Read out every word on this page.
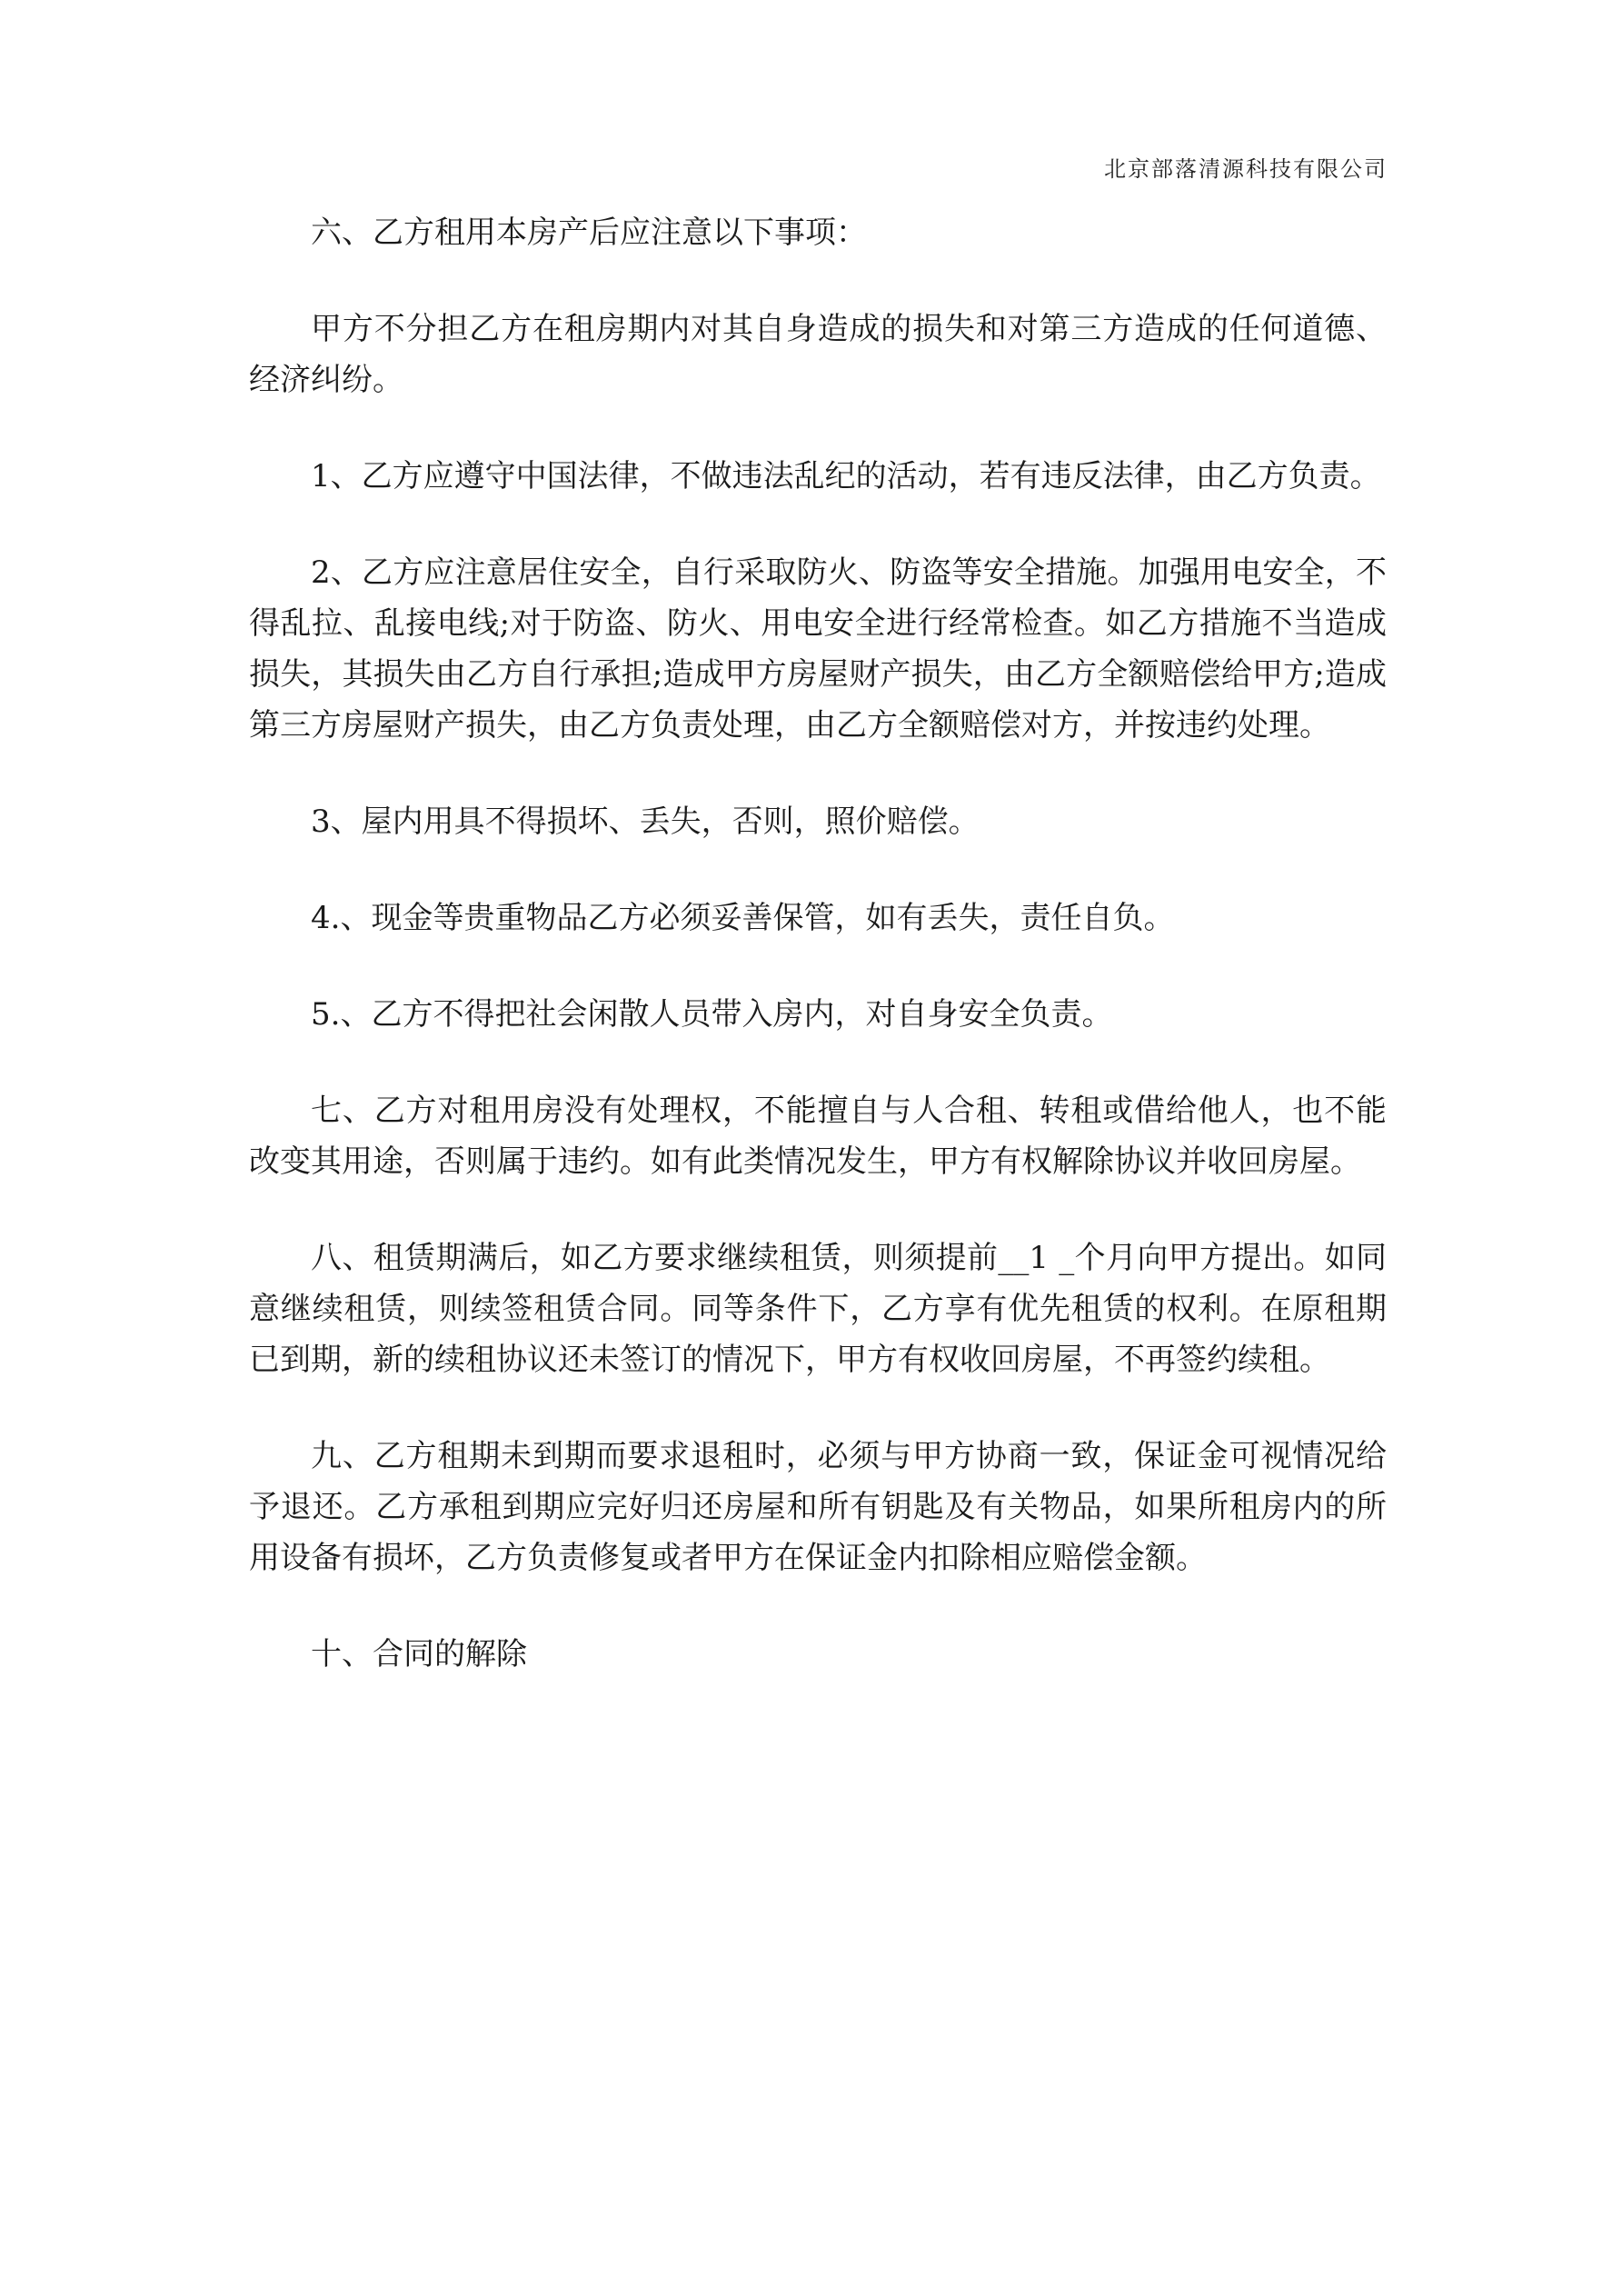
北京部落清源科技有限公司

六、乙方租用本房产后应注意以下事项：

甲方不分担乙方在租房期内对其自身造成的损失和对第三方造成的任何道德、经济纠纷。

1、乙方应遵守中国法律，不做违法乱纪的活动，若有违反法律，由乙方负责。

2、乙方应注意居住安全，自行采取防火、防盗等安全措施。加强用电安全，不得乱拉、乱接电线;对于防盗、防火、用电安全进行经常检查。如乙方措施不当造成损失，其损失由乙方自行承担;造成甲方房屋财产损失，由乙方全额赔偿给甲方;造成第三方房屋财产损失，由乙方负责处理，由乙方全额赔偿对方，并按违约处理。

3、屋内用具不得损坏、丢失，否则，照价赔偿。

4.、现金等贵重物品乙方必须妥善保管，如有丢失，责任自负。

5.、乙方不得把社会闲散人员带入房内，对自身安全负责。

七、乙方对租用房没有处理权，不能擅自与人合租、转租或借给他人，也不能改变其用途，否则属于违约。如有此类情况发生，甲方有权解除协议并收回房屋。

八、租赁期满后，如乙方要求继续租赁，则须提前__1 _个月向甲方提出。如同意继续租赁，则续签租赁合同。同等条件下，乙方享有优先租赁的权利。在原租期已到期，新的续租协议还未签订的情况下，甲方有权收回房屋，不再签约续租。

九、乙方租期未到期而要求退租时，必须与甲方协商一致，保证金可视情况给予退还。乙方承租到期应完好归还房屋和所有钥匙及有关物品，如果所租房内的所用设备有损坏，乙方负责修复或者甲方在保证金内扣除相应赔偿金额。

十、合同的解除
